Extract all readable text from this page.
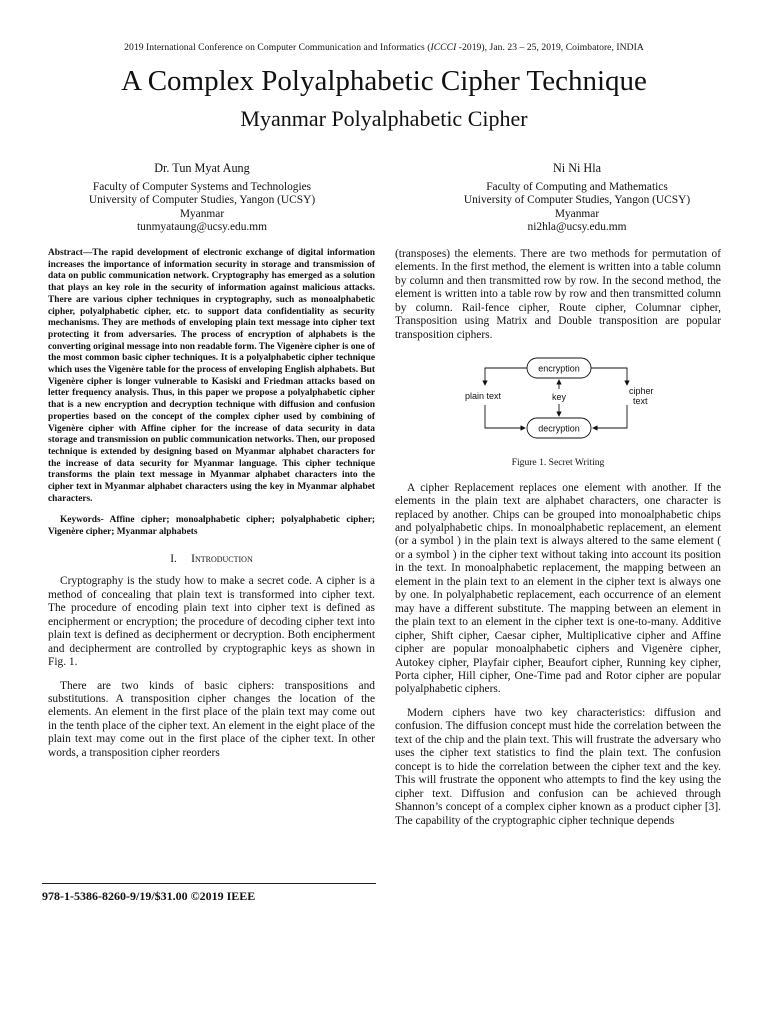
2019 International Conference on Computer Communication and Informatics (ICCCI -2019), Jan. 23 – 25, 2019, Coimbatore, INDIA
A Complex Polyalphabetic Cipher Technique
Myanmar Polyalphabetic Cipher
Dr. Tun Myat Aung
Faculty of Computer Systems and Technologies
University of Computer Studies, Yangon (UCSY)
Myanmar
tunmyataung@ucsy.edu.mm
Ni Ni Hla
Faculty of Computing and Mathematics
University of Computer Studies, Yangon (UCSY)
Myanmar
ni2hla@ucsy.edu.mm

Abstract—The rapid development of electronic exchange of digital information increases the importance of information security in storage and transmission of data on public communication network. Cryptography has emerged as a solution that plays an key role in the security of information against malicious attacks. There are various cipher techniques in cryptography, such as monoalphabetic cipher, polyalphabetic cipher, etc. to support data confidentiality as security mechanisms. They are methods of enveloping plain text message into cipher text protecting it from adversaries. The process of encryption of alphabets is the converting original message into non readable form. The Vigenère cipher is one of the most common basic cipher techniques. It is a polyalphabetic cipher technique which uses the Vigenère table for the process of enveloping English alphabets. But Vigenère cipher is longer vulnerable to Kasiski and Friedman attacks based on letter frequency analysis. Thus, in this paper we propose a polyalphabetic cipher that is a new encryption and decryption technique with diffusion and confusion properties based on the concept of the complex cipher used by combining of Vigenère cipher with Affine cipher for the increase of data security in data storage and transmission on public communication networks. Then, our proposed technique is extended by designing based on Myanmar alphabet characters for the increase of data security for Myanmar language. This cipher technique transforms the plain text message in Myanmar alphabet characters into the cipher text in Myanmar alphabet characters using the key in Myanmar alphabet characters.

Keywords- Affine cipher; monoalphabetic cipher; polyalphabetic cipher; Vigenère cipher; Myanmar alphabets

I. Introduction

Cryptography is the study how to make a secret code. A cipher is a method of concealing that plain text is transformed into cipher text. The procedure of encoding plain text into cipher text is defined as encipherment or encryption; the procedure of decoding cipher text into plain text is defined as decipherment or decryption. Both encipherment and decipherment are controlled by cryptographic keys as shown in Fig. 1.

There are two kinds of basic ciphers: transpositions and substitutions. A transposition cipher changes the location of the elements. An element in the first place of the plain text may come out in the tenth place of the cipher text. An element in the eight place of the plain text may come out in the first place of the cipher text. In other words, a transposition cipher reorders

(transposes) the elements. There are two methods for permutation of elements. In the first method, the element is written into a table column by column and then transmitted row by row. In the second method, the element is written into a table row by row and then transmitted column by column. Rail-fence cipher, Route cipher, Columnar cipher, Transposition using Matrix and Double transposition are popular transposition ciphers.

encryption
decryption
plain text	key
cipher
text

Figure 1. Secret Writing

A cipher Replacement replaces one element with another. If the elements in the plain text are alphabet characters, one character is replaced by another. Chips can be grouped into monoalphabetic chips and polyalphabetic chips. In monoalphabetic replacement, an element (or a symbol ) in the plain text is always altered to the same element ( or a symbol ) in the cipher text without taking into account its position in the text. In monoalphabetic replacement, the mapping between an element in the plain text to an element in the cipher text is always one by one. In polyalphabetic replacement, each occurrence of an element may have a different substitute. The mapping between an element in the plain text to an element in the cipher text is one-to-many. Additive cipher, Shift cipher, Caesar cipher, Multiplicative cipher and Affine cipher are popular monoalphabetic ciphers and Vigenère cipher, Autokey cipher, Playfair cipher, Beaufort cipher, Running key cipher, Porta cipher, Hill cipher, One-Time pad and Rotor cipher are popular polyalphabetic ciphers.

Modern ciphers have two key characteristics: diffusion and confusion. The diffusion concept must hide the correlation between the text of the chip and the plain text. This will frustrate the adversary who uses the cipher text statistics to find the plain text. The confusion concept is to hide the correlation between the cipher text and the key. This will frustrate the opponent who attempts to find the key using the cipher text. Diffusion and confusion can be achieved through Shannon’s concept of a complex cipher known as a product cipher [3]. The capability of the cryptographic cipher technique depends

978-1-5386-8260-9/19/$31.00 ©2019 IEEE
